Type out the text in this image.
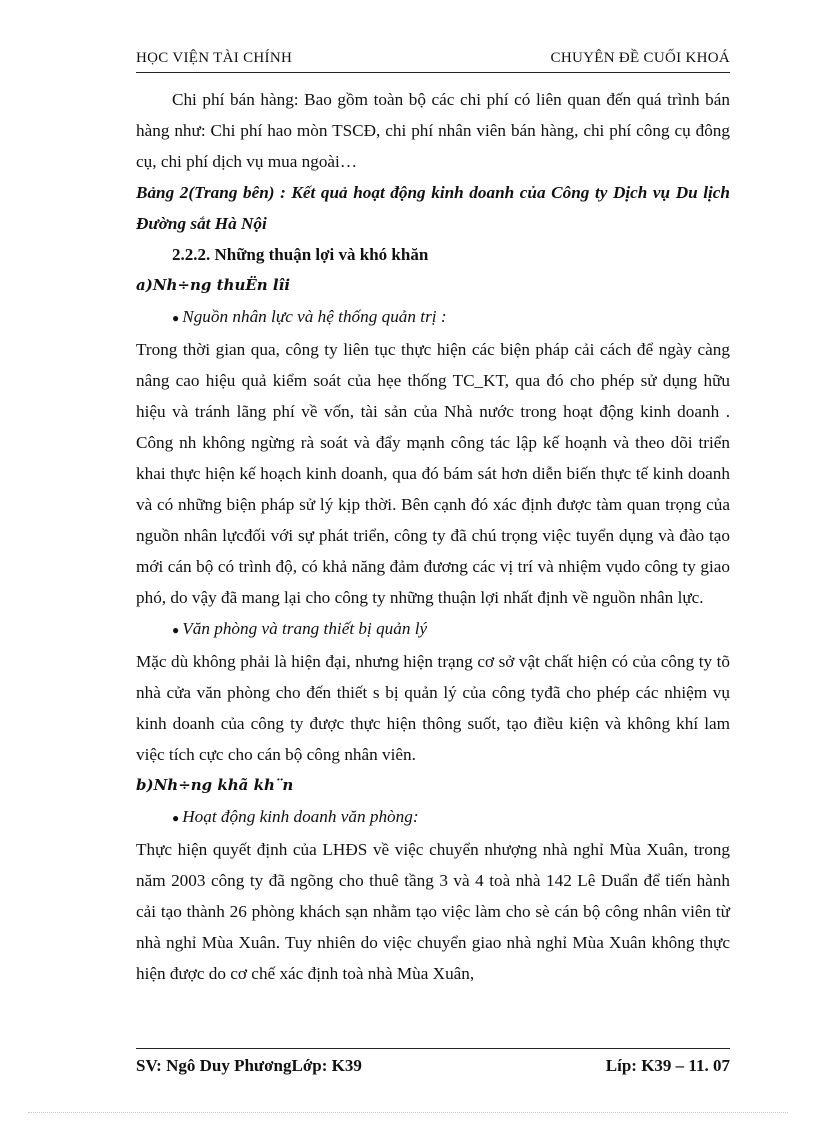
HỌC VIỆN TÀI CHÍNH	CHUYÊN ĐỀ CUỐI KHOÁ

Chi phí bán hàng: Bao gồm toàn bộ các chi phí có liên quan đến quá trình bán hàng như: Chi phí hao mòn TSCĐ, chi phí nhân viên bán hàng, chi phí công cụ đông cụ, chi phí dịch vụ mua ngoài…

Bảng 2(Trang bên) : Kết quả hoạt động kinh doanh của Công ty Dịch vụ Du lịch Đường sắt Hà Nội

2.2.2. Những thuận lợi và khó khăn

a)Nh÷ng thuËn lîi

● Nguồn nhân lực và hệ thống quản trị :

Trong thời gian qua, công ty liên tục thực hiện các biện pháp cải cách để ngày càng nâng cao hiệu quả kiểm soát của hẹe thống TC_KT, qua đó cho phép sử dụng hữu hiệu và tránh lãng phí về vốn, tài sản của Nhà nước trong hoạt động kinh doanh . Công nh không ngừng rà soát và đẩy mạnh công tác lập kế hoạnh và theo dõi triển khai thực hiện kế hoạch kinh doanh, qua đó bám sát hơn diễn biến thực tế kinh doanh và có những biện pháp sử lý kịp thời. Bên cạnh đó xác định được tàm quan trọng của nguồn nhân lựcđối với sự phát triển, công ty đã chú trọng việc tuyển dụng và đào tạo mới cán bộ có trình độ, có khả năng đảm đương các vị trí và nhiệm vụdo công ty giao phó, do vậy đã mang lại cho công ty những thuận lợi nhất định về nguồn nhân lực.

● Văn phòng và trang thiết bị quản lý

Mặc dù không phải là hiện đại, nhưng hiện trạng cơ sở vật chất hiện có của công ty tõ nhà cửa văn phòng cho đến thiết s bị quản lý của công tyđã cho phép các nhiệm vụ kinh doanh của công ty được thực hiện thông suốt, tạo điều kiện và không khí lam việc tích cực cho cán bộ công nhân viên.

b)Nh÷ng khã kh¨n

● Hoạt động kinh doanh văn phòng:

Thực hiện quyết định của LHĐS về việc chuyển nhượng nhà nghỉ Mùa Xuân, trong năm 2003 công ty đã ngõng cho thuê tầng 3 và 4 toà nhà 142 Lê Duẩn để tiến hành cải tạo thành 26 phòng khách sạn nhằm tạo việc làm cho sè cán bộ công nhân viên từ nhà nghỉ Mùa Xuân. Tuy nhiên do việc chuyển giao nhà nghỉ Mùa Xuân không thực hiện được do cơ chế xác định toà nhà Mùa Xuân,

SV: Ngô Duy PhươngLớp: K39	Líp: K39 – 11. 07
